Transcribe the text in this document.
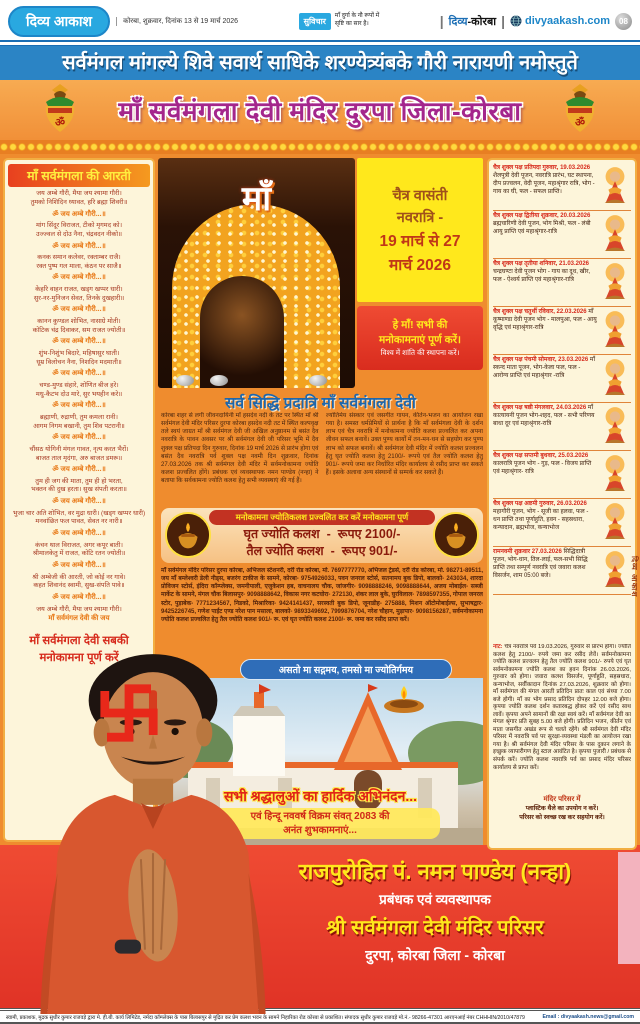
दिव्य आकाश	कोरबा, शुक्रवार, दिनांक 13 से 19 मार्च 2026	सुविचार
माँ दुर्गा के नौ रूपों में
सृष्टि का सार है।	| दिव्य-कोरबा | divyaakash.com	08
सर्वमंगल मांगल्ये शिवे सवार्थ साधिके शरण्येत्र्यंबके गौरी नारायणी नमोस्तुते
माँ सर्वमंगला देवी मंदिर दुरपा जिला-कोरबा
ॐ	ॐ
माँ सर्वमंगला की आरती
जय अम्बे गौरी, मैया जय श्यामा गौरी।
तुमको निशिदिन ध्यावत, हरि ब्रह्मा शिवरी॥
ॐ जय अम्बे गौरी...॥
मांग सिंदूर विराजत, टीको मृगमद को।
उज्ज्वल से दोउ नैना, चंद्रवदन नीको॥
ॐ जय अम्बे गौरी...॥
कनक समान कलेवर, रक्ताम्बर राजै।
रक्त पुष्प गल माला, कंठन पर साजै॥
ॐ जय अम्बे गौरी...॥
केहरि वाहन राजत, खड्ग खप्पर धारी।
सुर-नर-मुनिजन सेवत, तिनके दुखहारी॥
ॐ जय अम्बे गौरी...॥
कानन कुण्डल शोभित, नासाग्रे मोती।
कोटिक चंद्र दिवाकर, सम राजत ज्योती॥
ॐ जय अम्बे गौरी...॥
शुंभ-निशुंभ बिदारे, महिषासुर घाती।
धूम्र विलोचन नैना, निशदिन मदमाती॥
ॐ जय अम्बे गौरी...॥
चण्ड-मुण्ड संहारे, शोणित बीज हरे।
मधु-कैटभ दोउ मारे, सुर भयहीन करे॥
ॐ जय अम्बे गौरी...॥
ब्रह्माणी, रुद्राणी, तुम कमला रानी।
आगम निगम बखानी, तुम शिव पटरानी॥
ॐ जय अम्बे गौरी...॥
चौंसठ योगिनी मंगल गावत, नृत्य करत भैरों।
बाजत ताल मृदंगा, अरु बाजत डमरू॥
ॐ जय अम्बे गौरी...॥
तुम ही जग की माता, तुम ही हो भरता,
भक्तन की दुख हरता। सुख संपती करता॥
ॐ जय अम्बे गौरी...॥
भुजा चार अति शोभित, वर मुद्रा धारी। (खड्ग खप्पर धारी)
मनवांछित फल पावत, सेवत नर नारी॥
ॐ जय अम्बे गौरी...॥
कंचन थाल विराजत, अगर कपूर बाती।
श्रीमालकेतु में राजत, कोटि रतन ज्योती॥
ॐ जय अम्बे गौरी...॥
श्री अम्बेजी की आरती, जो कोई नर गावे।
कहत शिवानंद स्वामी, सुख-संपति पावे॥
ॐ जय अम्बे गौरी...॥
जय अम्बे गौरी, मैया जय श्यामा गौरी।
माँ सर्वमंगल देवी की जय
माँ सर्वमंगला देवी सबकी
मनोकामना पूर्ण करें
माँ	चैत्र वासंती
नवरात्रि -
19 मार्च से 27
मार्च 2026
हे माँ! सभी की
मनोकामनाएं पूर्ण करें।
विश्व में शांति की स्थापना करें।
सर्व सिद्धि प्रदात्रि माँ सर्वमंगला देवी
कोरबा शहर से लगी जीवनदायिनी माँ हसदेव नदी के तट पर स्थित माँ श्री सर्वमंगल देवी मंदिर परिसर दुरपा कोरबा हसदेव नदी तट में स्थित कल्पवृक्ष तले स्वयं जाग्रत माँ श्री सर्वमंगल देवी जी अखिल अनुष्ठानम से बसंत दैव नवरात्रि के पावन अवसर पर श्री सर्वमंगल देवी जी परिसर भूमि में दैव शुक्ल पक्ष प्रतिपदा दिन गुरुवार, दिनांक 19 मार्च 2026 से प्रारंभ होगा एवं बसंत दैव नवरात्रि पर्व शुक्ल पक्ष नवमी दिन शुक्रवार, दिनांक 27.03.2026 तक श्री सर्वमंगल देवी मंदिर में सर्वमनोकामना ज्योति कलश प्रज्वलित होंगे। प्रबंधक एवं व्यवस्थापक नमन पाण्डेय (नन्हा) ने बताया कि सर्वकामना ज्योति कलश हेतु सभी व्यवस्थाएं की गई हैं।
ज्योतिर्मय संस्कार एवं जसगीत गायन, कीर्तन-भजन का आयोजन रखा गया है। समस्त धर्मप्रेमियों से प्रार्थना है कि माँ सर्वमंगला देवी के दर्शन लाभ एवं चैत्र नवरात्रि में मनोकामना ज्योति कलश प्रज्वलित कर अपना जीवन सफल बनावें। उक्त पुण्य कार्यों में तन-मन-धन से सहयोग कर पुण्य लाभ को सफल बनावें। श्री सर्वमंगल देवी मंदिर में ज्योति कलश प्रज्वलन हेतु घृत ज्योति कलश हेतु 2100/- रूपये एवं तैल ज्योति कलश हेतु 901/- रूपये जमा कर निर्धारित मंदिर कार्यालय से रसीद प्राप्त कर सकते हैं। इसके अलावा अन्य संस्थानों से सम्पर्क कर सकते हैं।
मनोकामना ज्योतिकलश प्रज्वलित कर करें मनोकामना पूर्ण
घृत ज्योति कलश - रूपए 2100/-
तैल ज्योति कलश - रूपए 901/-
माँ सर्वमंगल मंदिर परिसर दुरपा कोरबा, अभिजल स्टेशनरी, दर्री रोड कोरबा, मो. 7697777770, अभिजल ट्रेडर्स, दर्री रोड कोरबा, मो. 98271-89511, जय माँ बम्लेश्वरी डेली नीड्स, बजरंग टाकीज के सामने, कोरबा- 9754926033, पवन जनरल स्टोर्स, सतनामय बुक डिपो, बालको- 243034, शारदा प्रोविजन स्टोर्स, इंदिरा कॉम्प्लेक्स, जमनीपाली, एजुकेशन हब, वाचनालय चौक, जांजगीर- 9098888246, 9098888644, अजय मोबाईल- सब्जी मार्केट के सामने, मंगल चौक बिलासपुर- 9098888642, विकास नगर कटघोरा- 272130, शंकर लाल बुके, घुरविलाल- 7898597355, गोपाल जनरल स्टोर, पुड़ाबेक- 7771234567, निडको, मिश्रारिका- 9424141437, सरस्वती बुक डिपो, जूनाडीह- 275888, मिशन ऑटोमोबाईल्स, सुभाषद्वार- 9425226745, गणेश पाईंट एण्ड नरेश पान मसाला, बालको- 9893349692, 7999876704, नरेश चौहान, मुड़ापार- 9098156287, सर्वमनोकामना ज्योति कलश प्रज्वलित हेतु तैल ज्योति कलश 901/- रू. एवं घृत ज्योति कलश 2100/- रू. जमा कर रसीद प्राप्त करें।
असतो मा सद्गमय, तमसो मा ज्योतिर्गमय
सभी श्रद्धालुओं का हार्दिक अभिनंदन...
एवं हिन्दू नववर्ष विक्रम संवत् 2083 की
अनंत शुभकामनाएं...
चैत्र शुक्ल पक्ष प्रतिपदा गुरुवार, 19.03.2026 शैलपुत्री देवी पूजन, नवरात्रि प्रारंभ, घट स्थापना, दीप प्रज्वलन, वेदी पूजन, महाश्रृंगार रात्रि, भोग - गाय का घी, फल - सफल प्राप्ति।
चैत्र शुक्ल पक्ष द्वितीया शुक्रवार, 20.03.2026 ब्रह्मचारिणी देवी पूजन, भोग मिश्री, फल - लंबी आयु प्राप्ति एवं महाश्रृंगार-रात्रि
चैत्र शुक्ल पक्ष तृतीया शनिवार, 21.03.2026 चन्द्रघण्टा देवी पूजन भोग - गाय का दूध, खीर, फल - ऐश्वर्य प्राप्ति एवं महाश्रृंगार-रात्रि
चैत्र शुक्ल पक्ष चतुर्थी रविवार, 22.03.2026 माँ कूष्माण्डा देवी पूजन भोग - मालपुआ, फल - आयु वृद्धि एवं महाश्रृंगार-रात्रि
चैत्र शुक्ल पक्ष पंचमी सोमवार, 23.03.2026 माँ स्कन्द माता पूजन, भोग-केला फल, फल - आरोग्य प्राप्ति एवं महाश्रृंगार -रात्रि
चैत्र शुक्ल पक्ष षष्ठी मंगलवार, 24.03.2026 माँ कात्यायनी पूजन भोग-शहद, फल - सभी परिणय बाधा दूर एवं महाश्रृंगार-रात्रि
चैत्र शुक्ल पक्ष सप्तमी बुधवार, 25.03.2026 कालरात्रि पूजन भोग - गुड़, फल - विजय प्राप्ति एवं महाश्रृंगार- रात्रि
चैत्र शुक्ल पक्ष अष्टमी गुरुवार, 26.03.2026 महागौरी पूजन, भोग - सूजी का हलवा, फल - धन प्राप्ति तथा पूर्णाहुति, हवन - सहस्रधारा, कन्यादान, ब्रह्मभोज, कन्याभोज
रामनवमी शुक्रवार 27.03.2026 सिद्धिदात्री पूजन, भोग-धान, तिल-लाई, फल-सभी सिद्धि प्राप्ति तथा सम्पूर्ण नवरात्रि एवं जवारा कलश विसर्जन, शाम 05:00 बजे।
नोट: चैत्र नवरात्रि पर्व 19.03.2026, गुरुवार से प्रारंभ होगा। ज्योति कलश हेतु 2100/- रुपये जमा कर रसीद लेवें। सर्वमनोकामना ज्योति कलश प्रज्वलन हेतु तैल ज्योति कलश 901/- रुपये एवं घृत सर्वमनोकामना ज्योति कलश का हवन दिनांक 26.03.2026, गुरुवार को होगा। जवारा कलश विसर्जन, पूर्णाहुति, सहस्रधारा, कन्याभोज, सर्वीकादान दिनांक 27.03.2026, शुक्रवार को होगा। माँ सर्वमंगल की मंगल आरती प्रतिदिन प्रातः काल एवं संध्या 7.00 बजे होगी। माँ का भोग प्रसाद प्रतिदिन दोपहर 12.00 बजे होगा। कृपया ज्योति कलश दर्शन कतारबद्ध होकर करें एवं रसीद साथ लावें। कृपया अपने सामानों की रक्षा स्वयं करें। माँ सर्वमंगल देवी का मंगल श्रृंगार प्रति सुबह 5.00 बजे होगी। प्रतिदिन भजन, कीर्तन एवं माता जसगीत अखंड रूप से चलते रहेंगे। श्री सर्वमंगल देवी मंदिर परिसर में नवरात्रि पर्व पर सुरक्षा-व्यवस्था मंडली का आयोजन रखा गया है। श्री सर्वमंगल देवी मंदिर परिसर के पास दुकान लगाने के इच्छुक व्यापारीगण हेतु स्टाल आवंटित है। कृपया पुजारी / प्रबंधक से संपर्क करें। ज्योति कलश नवरात्रि पर्व का प्रसाद मंदिर परिसर कार्यालय से प्राप्त करें।
मंदिर परिसर में
प्लास्टिक थैले का उपयोग न करें।
परिसर को स्वच्छ रख कर सहयोग करें।
दिव्य आकाश
राजपुरोहित पं. नमन पाण्डेय (नन्हा)
प्रबंधक एवं व्यवस्थापक
श्री सर्वमंगला देवी मंदिर परिसर
दुरपा, कोरबा जिला - कोरबा
स्वामी, प्रकाशक, मुद्रक सुधीर कुमार राजवड़े द्वारा मे. ही.बी. कार्य लिमिटेड, नर्मदा कॉम्प्लेक्स के पास बिलासपुर से मुद्रित कर प्रेम कलश भवन के सामने निहारिका रोड कोरबा से प्रकाशित। संपादक सुधीर कुमार राजवड़े मो.नं.- 98266-47301 आरएनआई नंबर CHHHIN/2010/47879	Email : divyaakash.news@gmail.com
